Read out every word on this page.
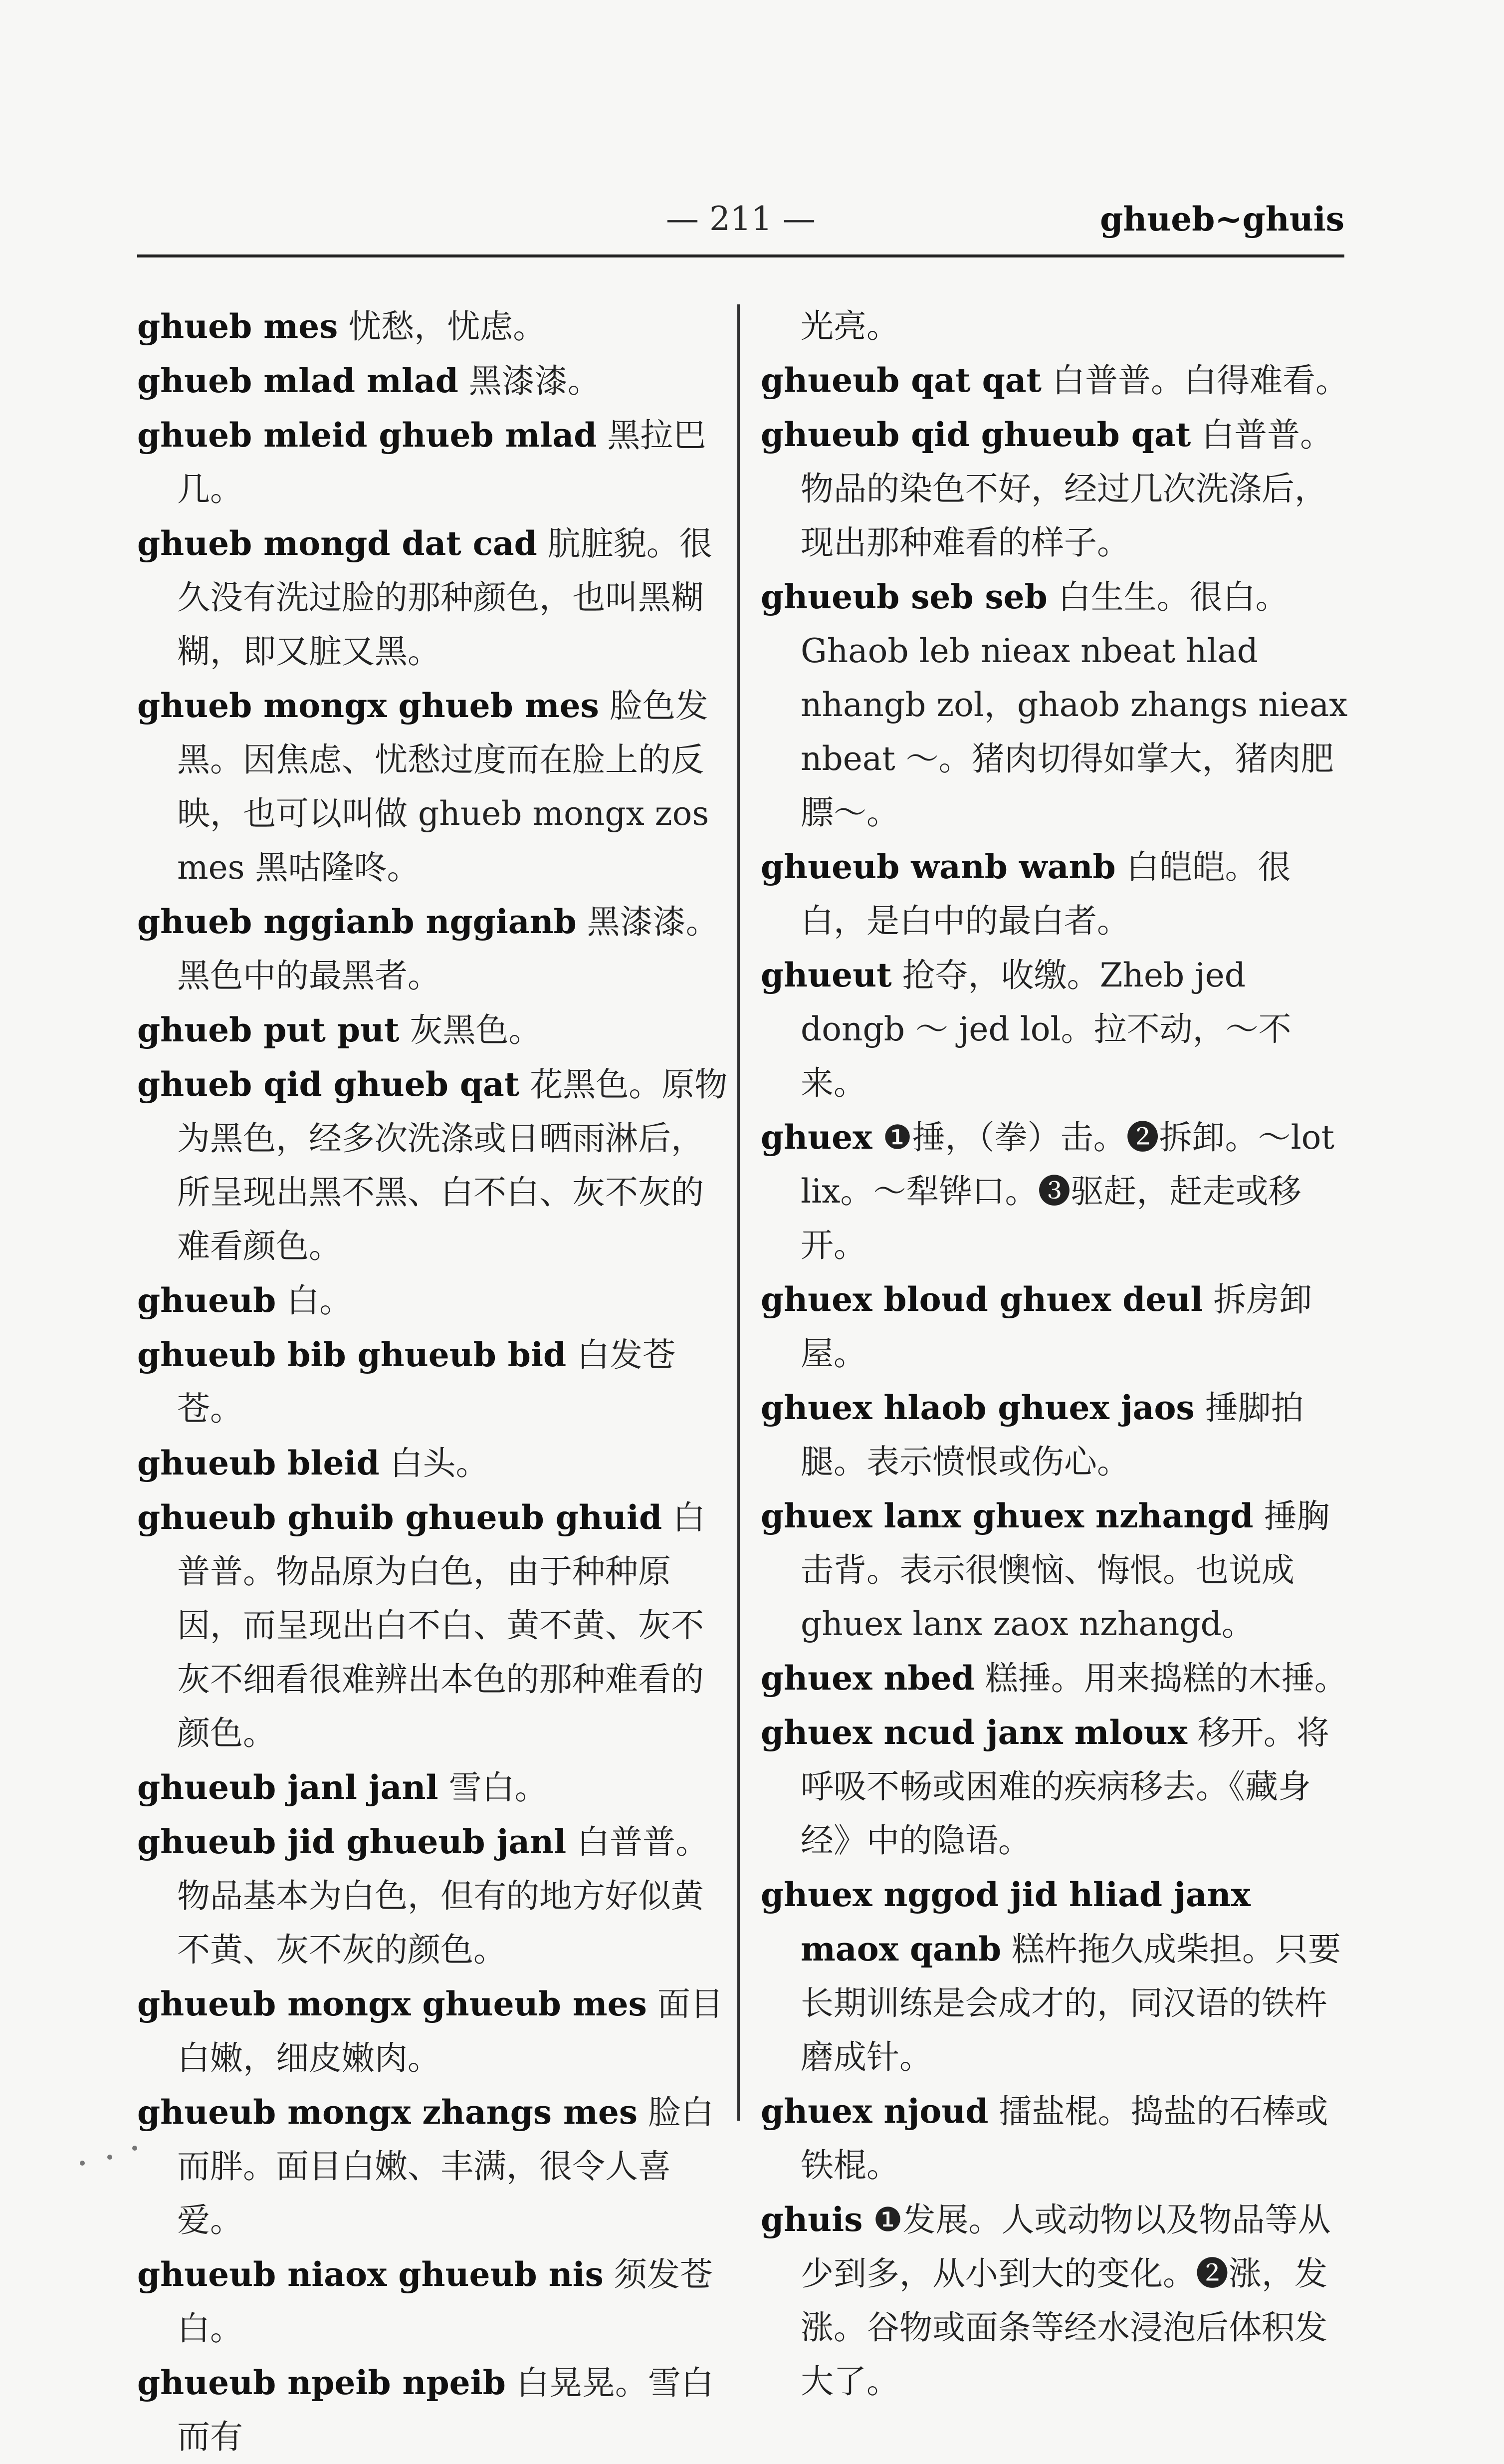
— 211 —	ghueb~ghuis

ghueb mes 忧愁，忧虑。

ghueb mlad mlad 黑漆漆。

ghueb mleid ghueb mlad 黑拉巴几。

ghueb mongd dat cad 肮脏貌。很久没有洗过脸的那种颜色，也叫黑糊糊，即又脏又黑。

ghueb mongx ghueb mes 脸色发黑。因焦虑、忧愁过度而在脸上的反映，也可以叫做 ghueb mongx zos mes 黑咕隆咚。

ghueb nggianb nggianb 黑漆漆。黑色中的最黑者。

ghueb put put 灰黑色。

ghueb qid ghueb qat 花黑色。原物为黑色，经多次洗涤或日晒雨淋后，所呈现出黑不黑、白不白、灰不灰的难看颜色。

ghueub 白。

ghueub bib ghueub bid 白发苍苍。

ghueub bleid 白头。

ghueub ghuib ghueub ghuid 白普普。物品原为白色，由于种种原因，而呈现出白不白、黄不黄、灰不灰不细看很难辨出本色的那种难看的颜色。

ghueub janl janl 雪白。

ghueub jid ghueub janl 白普普。物品基本为白色，但有的地方好似黄不黄、灰不灰的颜色。

ghueub mongx ghueub mes 面目白嫩，细皮嫩肉。

ghueub mongx zhangs mes 脸白而胖。面目白嫩、丰满，很令人喜爱。

ghueub niaox ghueub nis 须发苍白。

ghueub npeib npeib 白晃晃。雪白而有

光亮。

ghueub qat qat 白普普。白得难看。

ghueub qid ghueub qat 白普普。物品的染色不好，经过几次洗涤后，现出那种难看的样子。

ghueub seb seb 白生生。很白。Ghaob leb nieax nbeat hlad nhangb zol，ghaob zhangs nieax nbeat ～。猪肉切得如掌大，猪肉肥膘～。

ghueub wanb wanb 白皑皑。很白，是白中的最白者。

ghueut 抢夺，收缴。Zheb jed dongb ～ jed lol。拉不动，～不来。

ghuex ❶捶，（拳）击。❷拆卸。～lot lix。～犁铧口。❸驱赶，赶走或移开。

ghuex bloud ghuex deul 拆房卸屋。

ghuex hlaob ghuex jaos 捶脚拍腿。表示愤恨或伤心。

ghuex lanx ghuex nzhangd 捶胸击背。表示很懊恼、悔恨。也说成 ghuex lanx zaox nzhangd。

ghuex nbed 糕捶。用来捣糕的木捶。

ghuex ncud janx mloux 移开。将呼吸不畅或困难的疾病移去。《藏身经》中的隐语。

ghuex nggod jid hliad janx maox qanb 糕杵拖久成柴担。只要长期训练是会成才的，同汉语的铁杵磨成针。

ghuex njoud 擂盐棍。捣盐的石棒或铁棍。

ghuis ❶发展。人或动物以及物品等从少到多，从小到大的变化。❷涨，发涨。谷物或面条等经水浸泡后体积发大了。
